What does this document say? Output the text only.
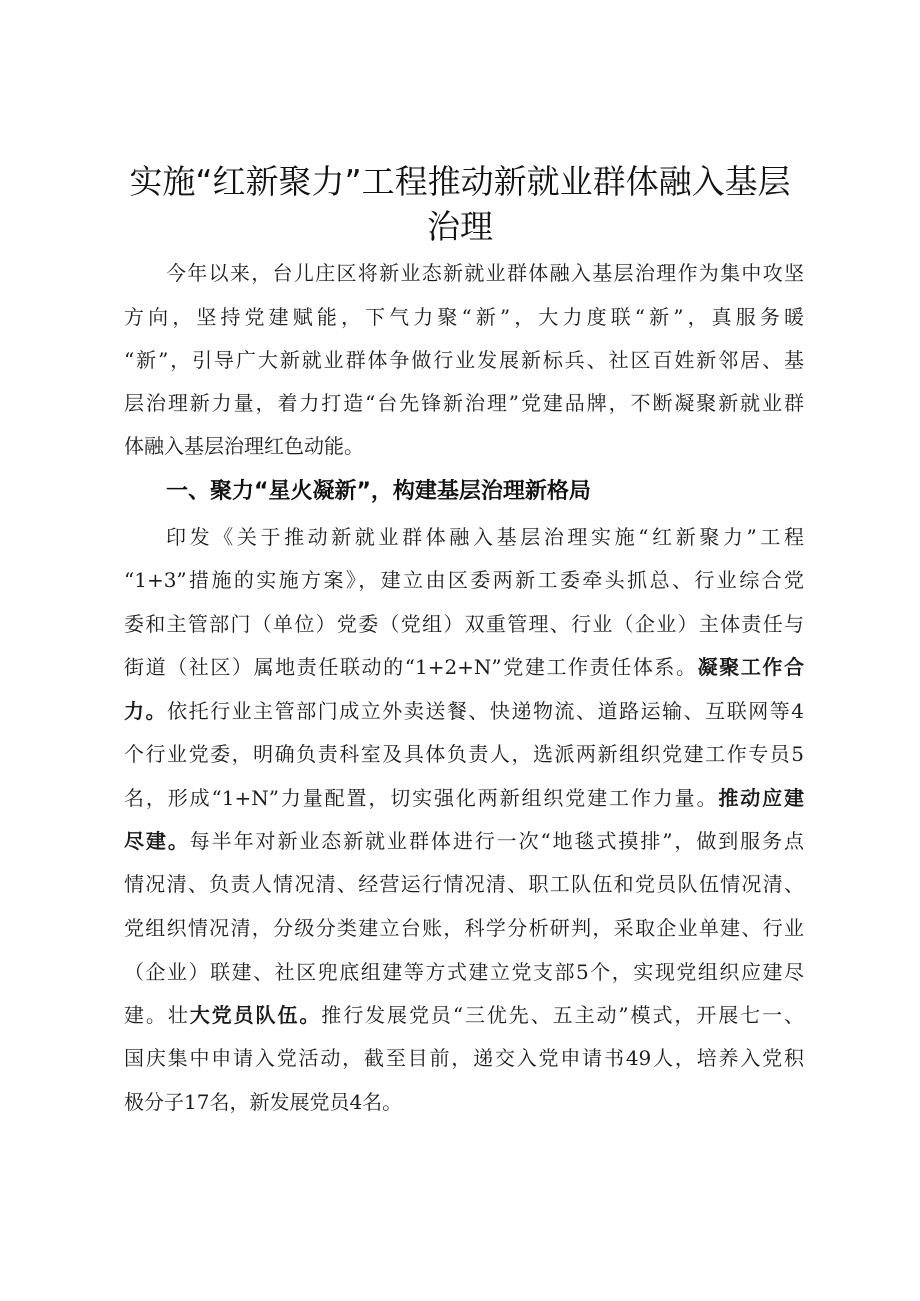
实施“红新聚力”工程推动新就业群体融入基层
治理
今年以来，台儿庄区将新业态新就业群体融入基层治理作为集中攻坚
方向，坚持党建赋能，下气力聚“新”，大力度联“新”，真服务暖
“新”，引导广大新就业群体争做行业发展新标兵、社区百姓新邻居、基
层治理新力量，着力打造“台先锋新治理”党建品牌，不断凝聚新就业群
体融入基层治理红色动能。
一、聚力“星火凝新”，构建基层治理新格局
印发《关于推动新就业群体融入基层治理实施“红新聚力”工程
“1+3”措施的实施方案》，建立由区委两新工委牵头抓总、行业综合党
委和主管部门（单位）党委（党组）双重管理、行业（企业）主体责任与
街道（社区）属地责任联动的“1+2+N”党建工作责任体系。凝聚工作合
力。依托行业主管部门成立外卖送餐、快递物流、道路运输、互联网等4
个行业党委，明确负责科室及具体负责人，选派两新组织党建工作专员5
名，形成“1+N”力量配置，切实强化两新组织党建工作力量。推动应建
尽建。每半年对新业态新就业群体进行一次“地毯式摸排”，做到服务点
情况清、负责人情况清、经营运行情况清、职工队伍和党员队伍情况清、
党组织情况清，分级分类建立台账，科学分析研判，采取企业单建、行业
（企业）联建、社区兜底组建等方式建立党支部5个，实现党组织应建尽
建。壮大党员队伍。推行发展党员“三优先、五主动”模式，开展七一、
国庆集中申请入党活动，截至目前，递交入党申请书49人，培养入党积
极分子17名，新发展党员4名。
